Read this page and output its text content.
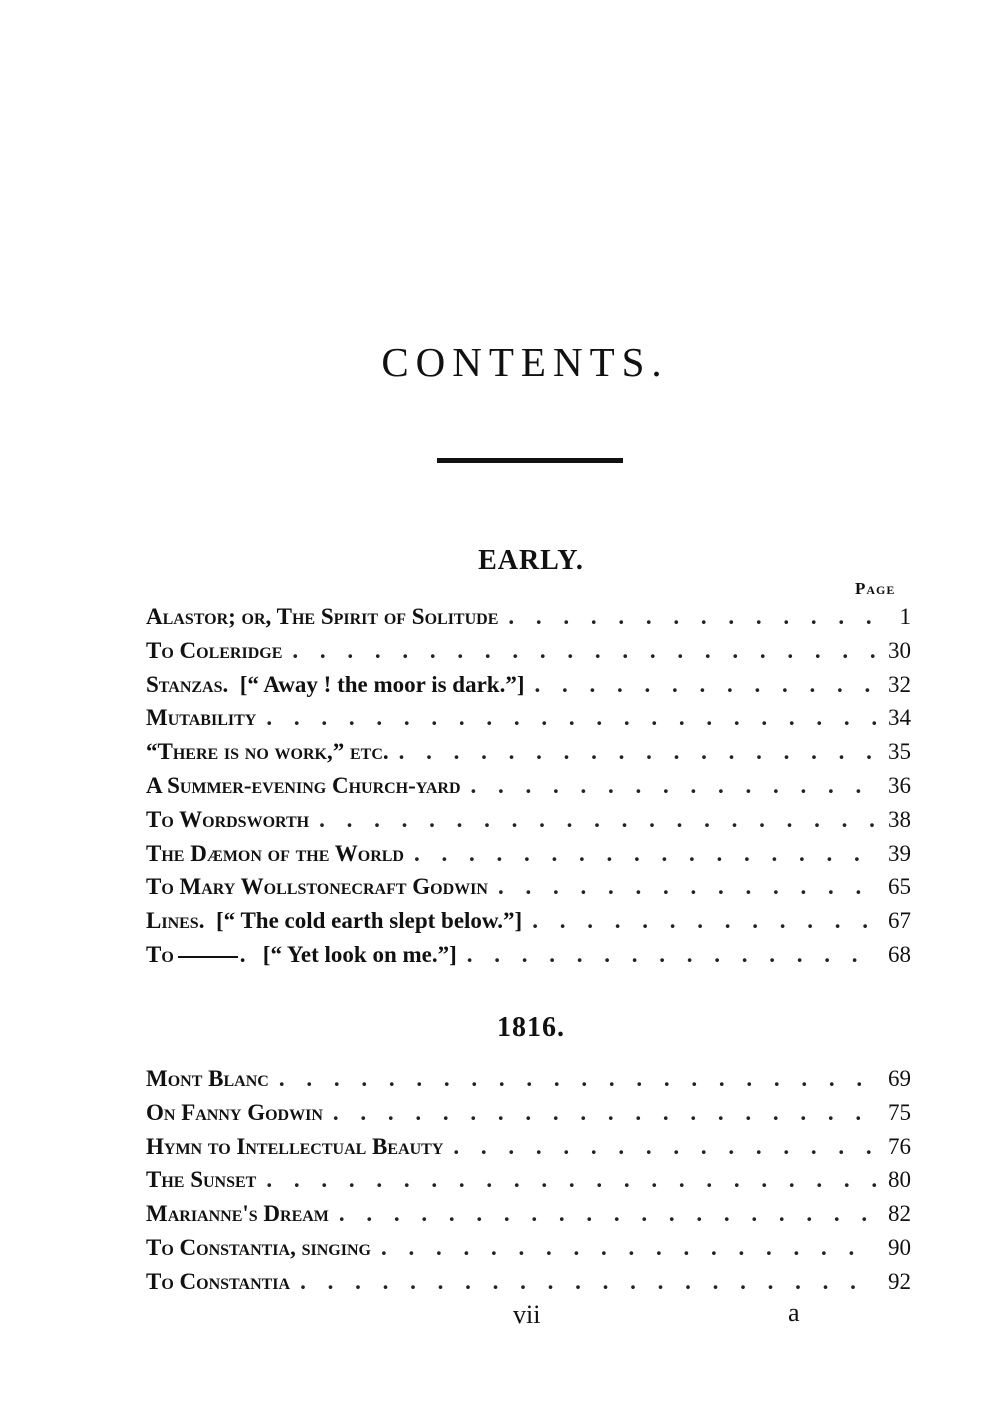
CONTENTS.
EARLY.
Page
Alastor; or, The Spirit of Solitude . . .	1
To Coleridge . . .	30
Stanzas. [“ Away ! the moor is dark.”] . . .	32
Mutability . . .	34
“There is no work,” etc. . . .	35
A Summer-evening Church-yard . . .	36
To Wordsworth . . .	38
The Dæmon of the World . . .	39
To Mary Wollstonecraft Godwin . . .	65
Lines. [“ The cold earth slept below.”] . . .	67
To	.   [“ Yet look on me.”] . . .	68
1816.
Mont Blanc . . .	69
On Fanny Godwin . . .	75
Hymn to Intellectual Beauty . . .	76
The Sunset . . .	80
Marianne's Dream . . .	82
To Constantia, singing . . .	90
To Constantia . . .	92
vii	a
